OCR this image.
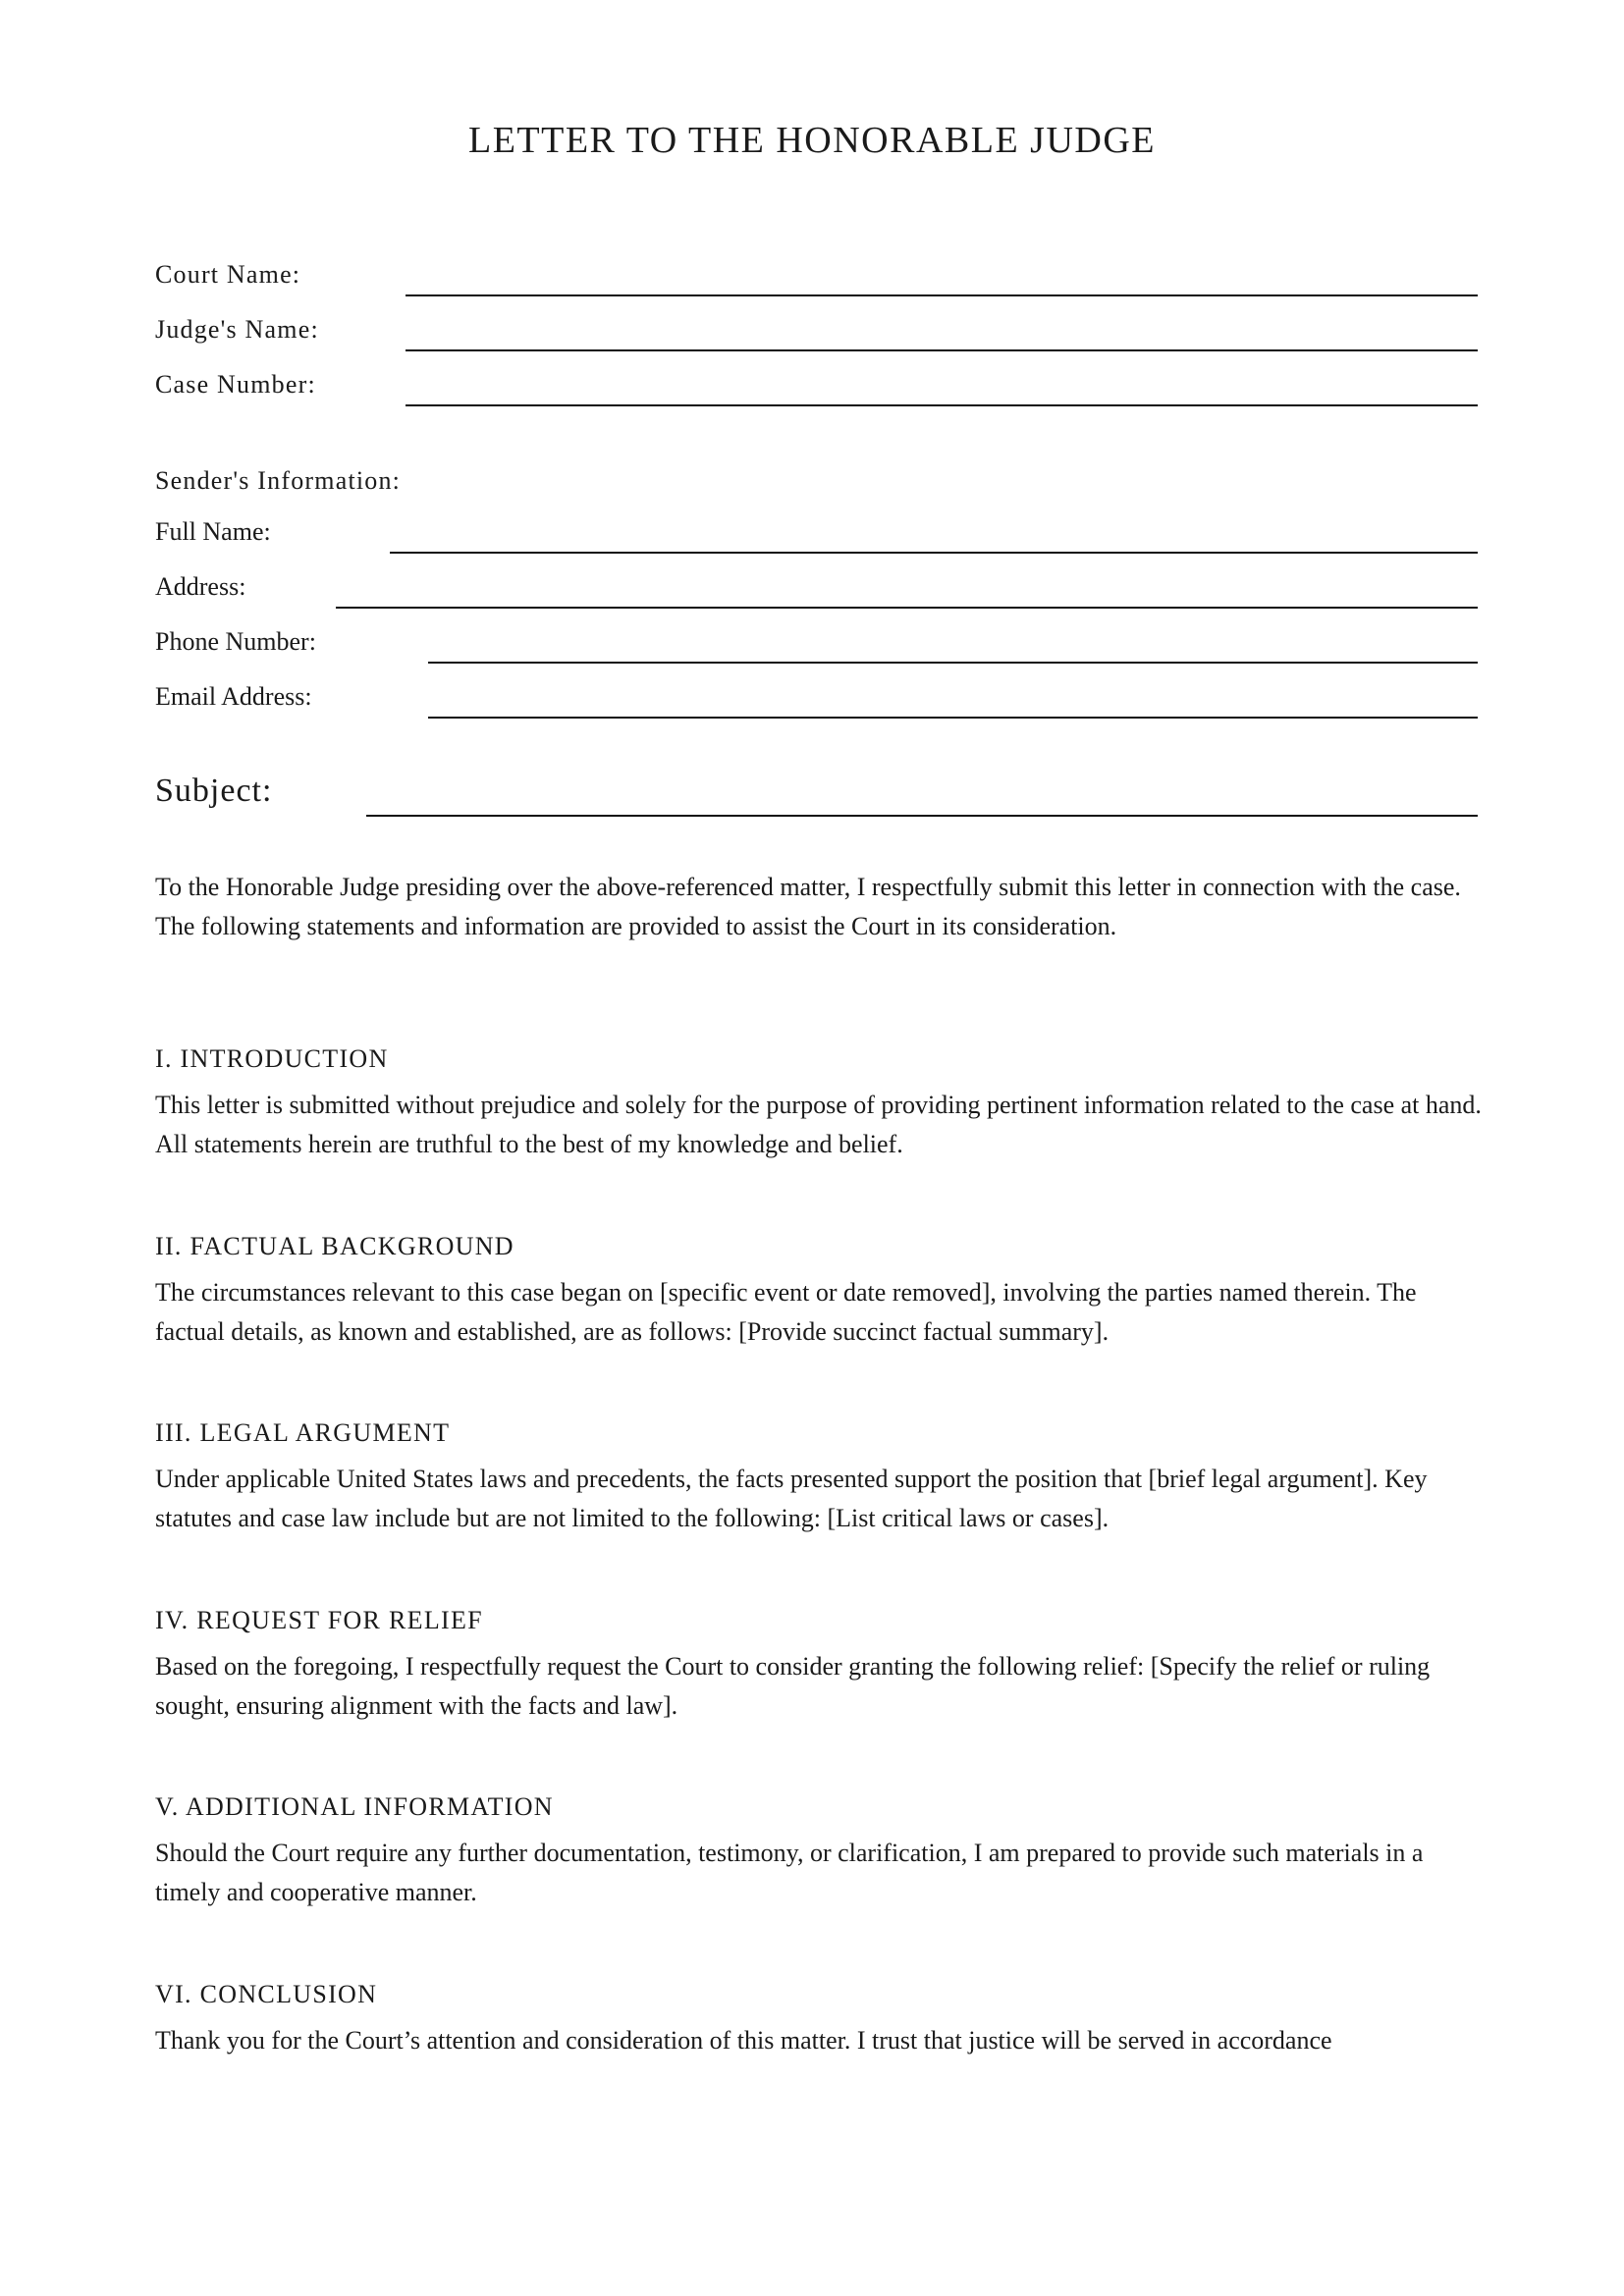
LETTER TO THE HONORABLE JUDGE
Court Name:
Judge's Name:
Case Number:
Sender's Information:
Full Name:
Address:
Phone Number:
Email Address:
Subject:

To the Honorable Judge presiding over the above-referenced matter, I respectfully submit this letter in connection with the case. The following statements and information are provided to assist the Court in its consideration.

I. INTRODUCTION

This letter is submitted without prejudice and solely for the purpose of providing pertinent information related to the case at hand. All statements herein are truthful to the best of my knowledge and belief.

II. FACTUAL BACKGROUND

The circumstances relevant to this case began on [specific event or date removed], involving the parties named therein. The factual details, as known and established, are as follows: [Provide succinct factual summary].

III. LEGAL ARGUMENT

Under applicable United States laws and precedents, the facts presented support the position that [brief legal argument]. Key statutes and case law include but are not limited to the following: [List critical laws or cases].

IV. REQUEST FOR RELIEF

Based on the foregoing, I respectfully request the Court to consider granting the following relief: [Specify the relief or ruling sought, ensuring alignment with the facts and law].

V. ADDITIONAL INFORMATION

Should the Court require any further documentation, testimony, or clarification, I am prepared to provide such materials in a timely and cooperative manner.

VI. CONCLUSION

Thank you for the Court’s attention and consideration of this matter. I trust that justice will be served in accordance
